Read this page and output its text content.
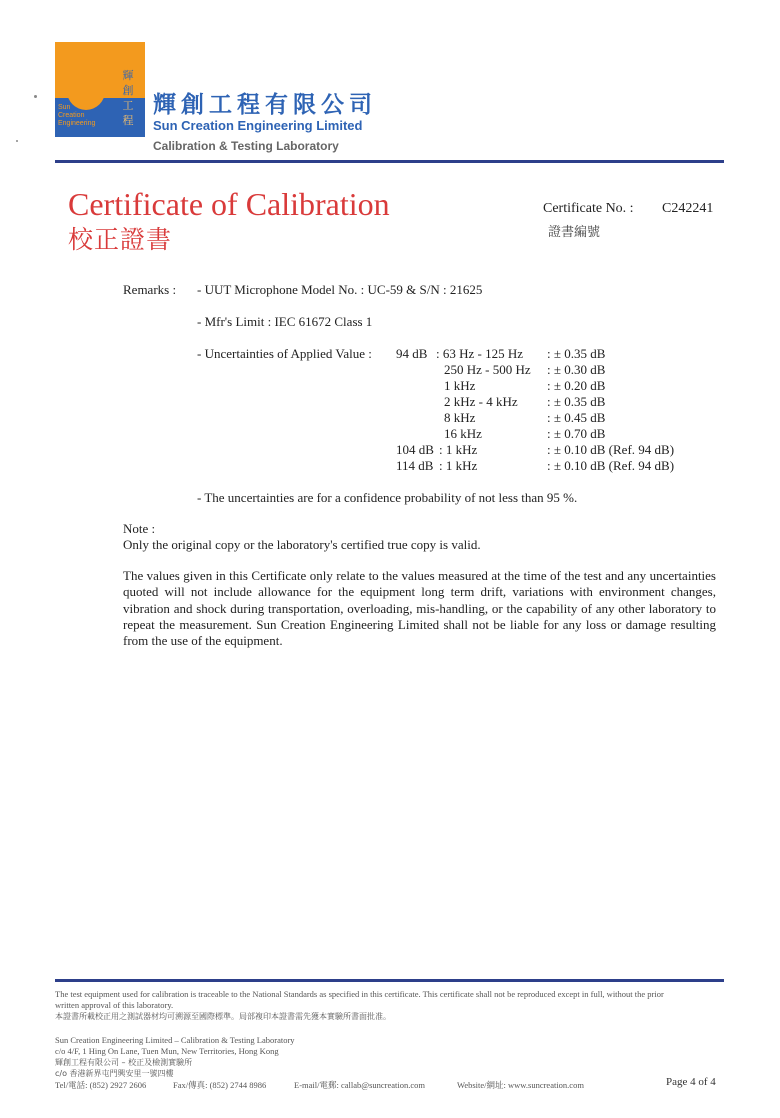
輝
創
工
程
Sun
Creation
Engineering
輝創工程有限公司
Sun Creation Engineering Limited
Calibration & Testing Laboratory
Certificate of Calibration
校正證書
Certificate No. : C242241
證書編號
Remarks : - UUT Microphone Model No. : UC-59 & S/N : 21625
- Mfr's Limit : IEC 61672 Class 1
- Uncertainties of Applied Value : 94 dB : 63 Hz - 125 Hz : ± 0.35 dB
250 Hz - 500 Hz : ± 0.30 dB
1 kHz	: ± 0.20 dB
2 kHz - 4 kHz : ± 0.35 dB
8 kHz	: ± 0.45 dB
16 kHz	: ± 0.70 dB
104 dB : 1 kHz	: ± 0.10 dB (Ref. 94 dB)
114 dB : 1 kHz	: ± 0.10 dB (Ref. 94 dB)
- The uncertainties are for a confidence probability of not less than 95 %.
Note :
Only the original copy or the laboratory's certified true copy is valid.
The values given in this Certificate only relate to the values measured at the time of the test and any uncertainties quoted will not include allowance for the equipment long term drift, variations with environment changes, vibration and shock during transportation, overloading, mis-handling, or the capability of any other laboratory to repeat the measurement. Sun Creation Engineering Limited shall not be liable for any loss or damage resulting from the use of the equipment.
The test equipment used for calibration is traceable to the National Standards as specified in this certificate. This certificate shall not be reproduced except in full, without the prior
written approval of this laboratory.
本證書所載校正用之測試器材均可溯源至國際標準。局部複印本證書需先獲本實驗所書面批准。
Sun Creation Engineering Limited – Calibration & Testing Laboratory
c/o 4/F, 1 Hing On Lane, Tuen Mun, New Territories, Hong Kong
輝創工程有限公司 – 校正及檢測實驗所
c/o 香港新界屯門興安里一號四樓
Tel/電話: (852) 2927 2606	Fax/傳真: (852) 2744 8986	E-mail/電郵: callab@suncreation.com	Website/網址: www.suncreation.com	Page 4 of 4
